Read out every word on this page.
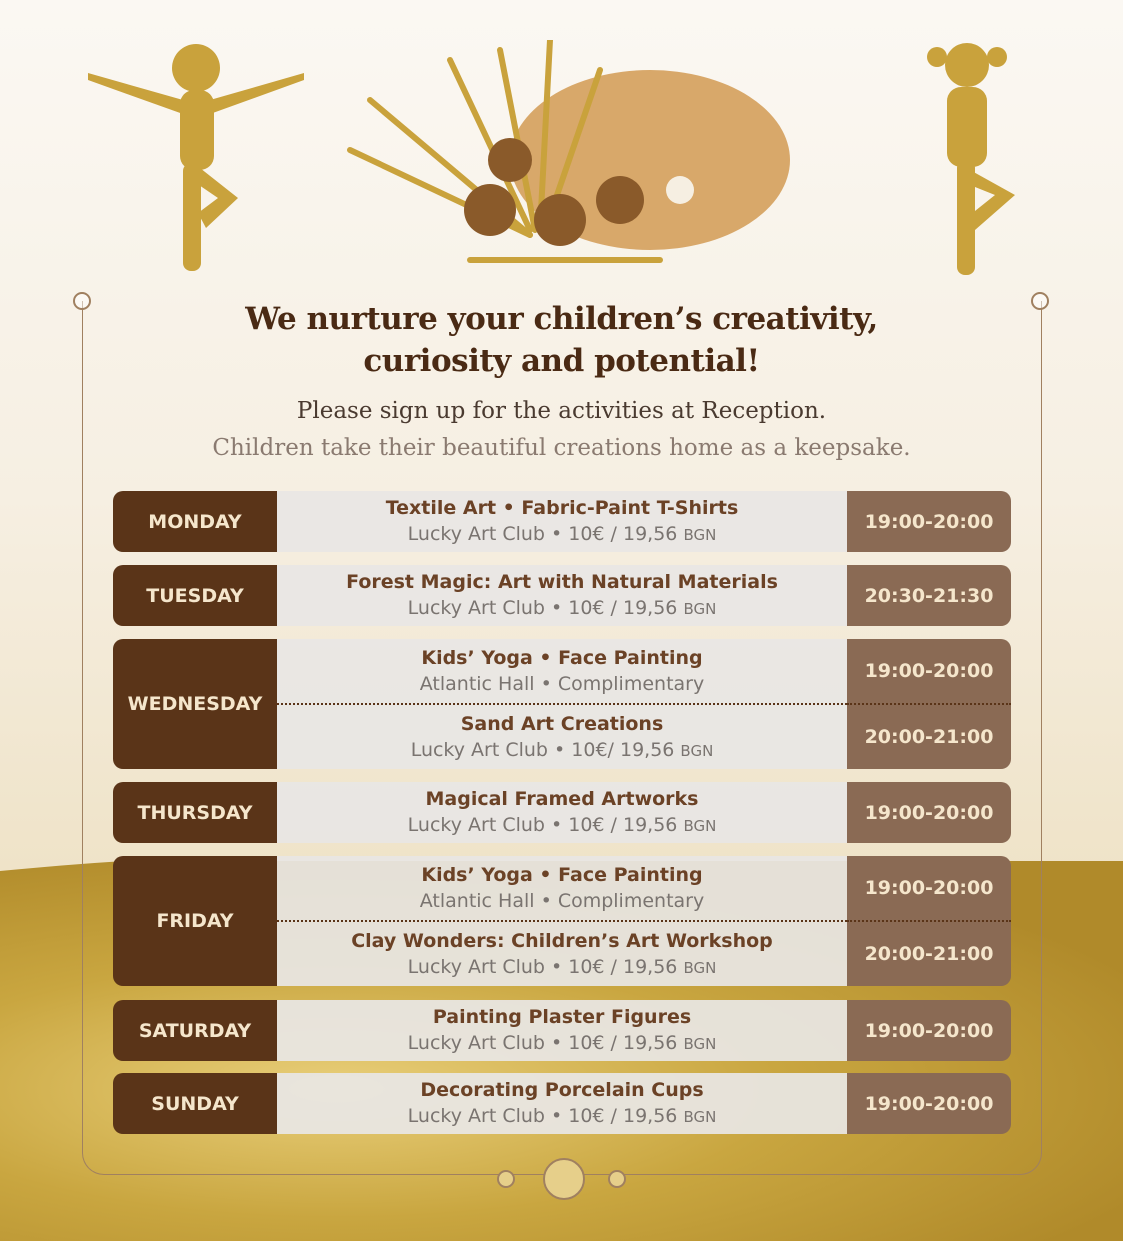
We nurture your children’s creativity,
curiosity and potential!
Please sign up for the activities at Reception.
Children take their beautiful creations home as a keepsake.
MONDAY
Textile Art • Fabric-Paint T-Shirts
Lucky Art Club • 10€ / 19,56 BGN
19:00-20:00
TUESDAY
Forest Magic: Art with Natural Materials
Lucky Art Club • 10€ / 19,56 BGN
20:30-21:30
WEDNESDAY
Kids’ Yoga • Face Painting
Atlantic Hall • Complimentary
Sand Art Creations
Lucky Art Club • 10€/ 19,56 BGN
19:00-20:00
20:00-21:00
THURSDAY
Magical Framed Artworks
Lucky Art Club • 10€ / 19,56 BGN
19:00-20:00
FRIDAY
Kids’ Yoga • Face Painting
Atlantic Hall • Complimentary
Clay Wonders: Children’s Art Workshop
Lucky Art Club • 10€ / 19,56 BGN
19:00-20:00
20:00-21:00
SATURDAY
Painting Plaster Figures
Lucky Art Club • 10€ / 19,56 BGN
19:00-20:00
SUNDAY
Decorating Porcelain Cups
Lucky Art Club • 10€ / 19,56 BGN
19:00-20:00
